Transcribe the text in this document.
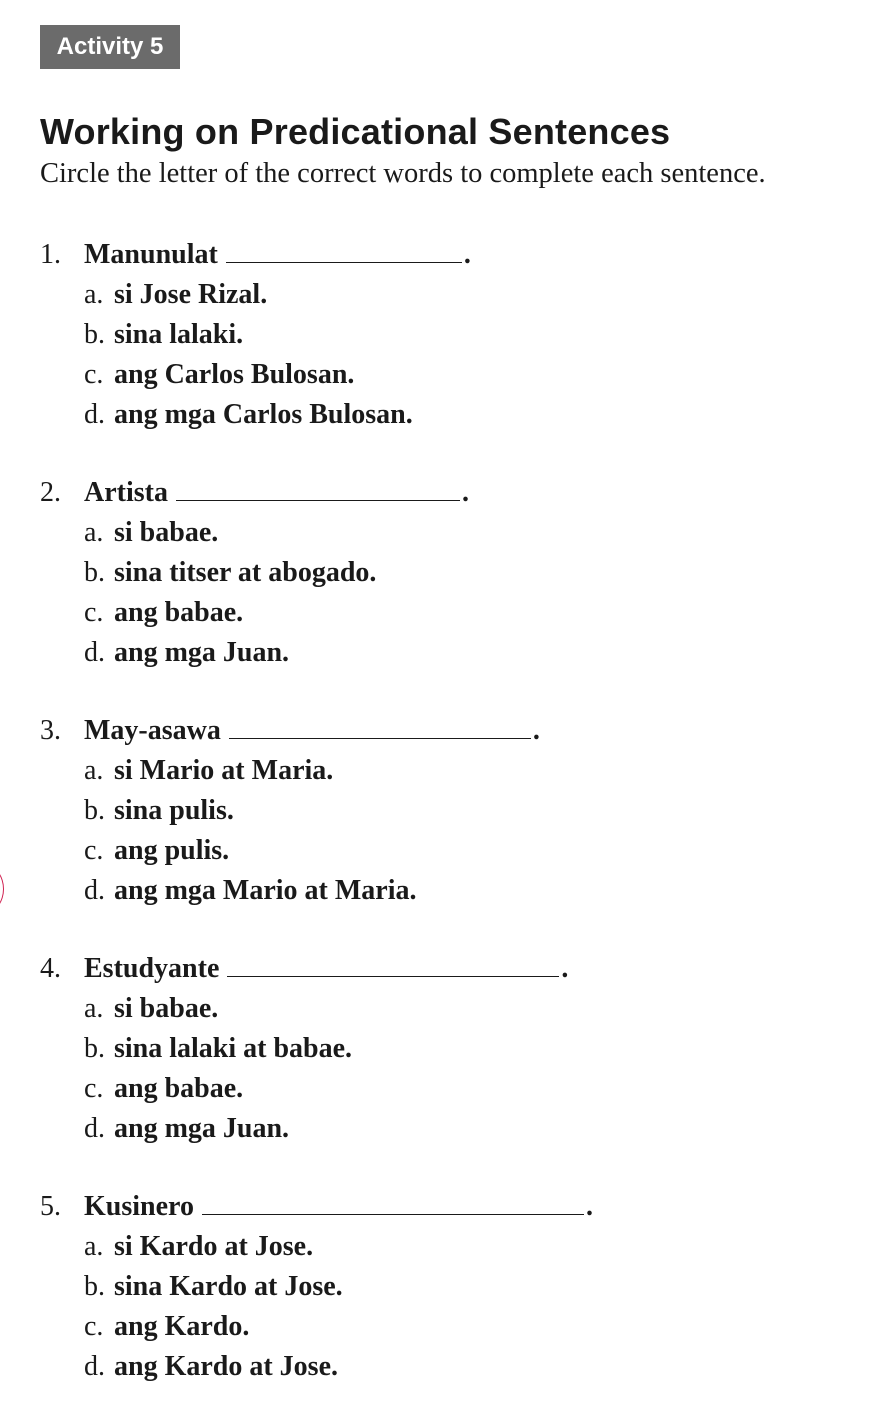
Activity 5
Working on Predicational Sentences

Circle the letter of the correct words to complete each sentence.

1. Manunulat	.
a. si Jose Rizal.
b. sina lalaki.
c. ang Carlos Bulosan.
d. ang mga Carlos Bulosan.
2. Artista	.
a. si babae.
b. sina titser at abogado.
c. ang babae.
d. ang mga Juan.
3. May-asawa	.
a. si Mario at Maria.
b. sina pulis.
c. ang pulis.
d. ang mga Mario at Maria.
4. Estudyante	.
a. si babae.
b. sina lalaki at babae.
c. ang babae.
d. ang mga Juan.
5. Kusinero	.
a. si Kardo at Jose.
b. sina Kardo at Jose.
c. ang Kardo.
d. ang Kardo at Jose.
